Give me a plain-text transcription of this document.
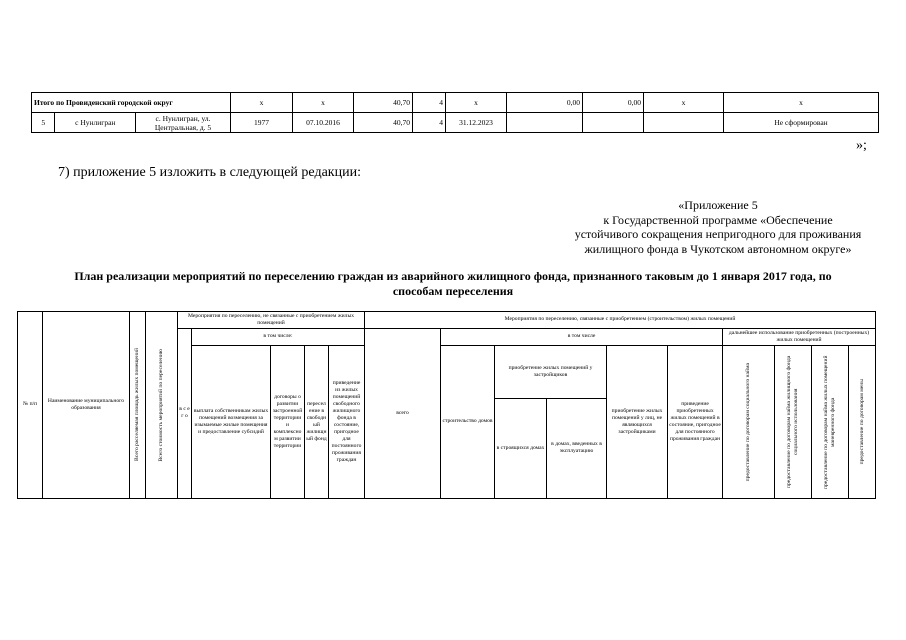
Итого по Провиденский городской округ			x	x	40,70	4	x	0,00	0,00	x	x
5	с Нунлигран	с. Нунлигран, ул. Центральная, д. 5	1977	07.10.2016	40,70	4	31.12.2023				Не сформирован
»;
7) приложение 5 изложить в следующей редакции:
«Приложение 5
к Государственной программе «Обеспечение
устойчивого сокращения непригодного для проживания
жилищного фонда в Чукотском автономном округе»
План реализации мероприятий по переселению граждан из аварийного жилищного фонда, признанного таковым до 1 января 2017 года, по
способам переселения
№ п/п	Наименование муниципального образования	Всего расселяемая площадь жилых помещений	Всего стоимость мероприятий по переселению	Мероприятия по переселению, не связанные с приобретением жилых помещений					Мероприятия по переселению, связанные с приобретением (строительством) жилых помещений									
				в с е г о	в том числе:				всего	в том числе					дальнейшее использование приобретенных (построенных) жилых помещений			
					выплата собственникам жилых помещений возмещения за изымаемые жилые помещения и предоставление субсидий	договоры о развитии застроенной территории и комплексном развитии территории	переселение в свободный жилищный фонд	приведение из жилых помещений свободного жилищного фонда в состояние, пригодное для постоянного проживания граждан		строительство домов	приобретение жилых помещений у застройщиков		приобретение жилых помещений у лиц, не являющихся застройщиками	приведение приобретенных жилых помещений в состояние, пригодное для постоянного проживания граждан	предоставление по договорам социального найма	предоставление по договорам найма жилищного фонда социального использования	предоставление по договорам найма жилых помещений маневренного фонда	предоставление по договорам мены

											в строящихся домах	в домах, введенных в эксплуатацию						
